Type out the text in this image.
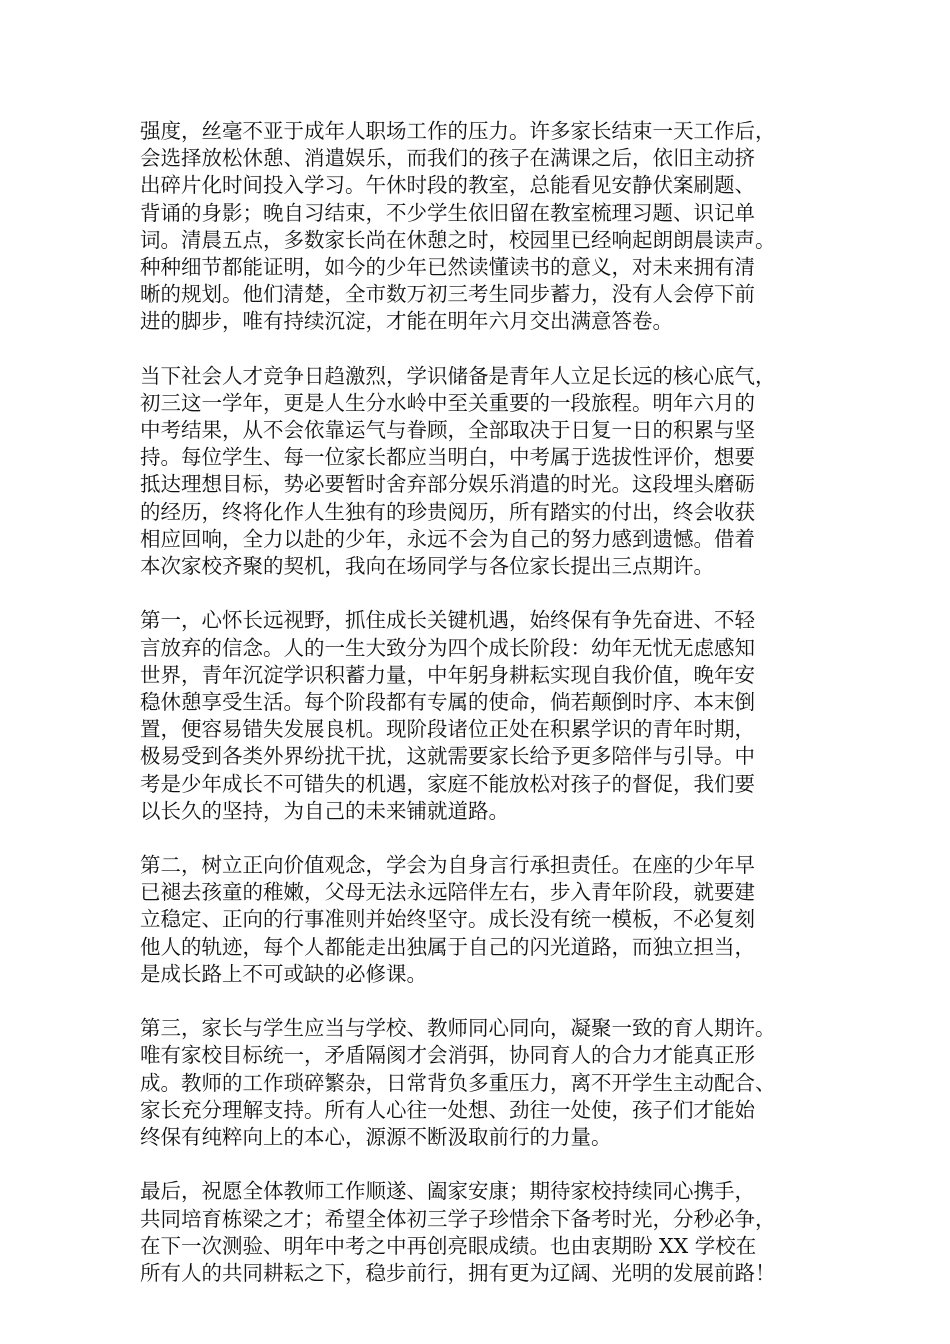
强度，丝毫不亚于成年人职场工作的压力。许多家长结束一天工作后，
会选择放松休憩、消遣娱乐，而我们的孩子在满课之后，依旧主动挤
出碎片化时间投入学习。午休时段的教室，总能看见安静伏案刷题、
背诵的身影；晚自习结束，不少学生依旧留在教室梳理习题、识记单
词。清晨五点，多数家长尚在休憩之时，校园里已经响起朗朗晨读声。
种种细节都能证明，如今的少年已然读懂读书的意义，对未来拥有清
晰的规划。他们清楚，全市数万初三考生同步蓄力，没有人会停下前
进的脚步，唯有持续沉淀，才能在明年六月交出满意答卷。
当下社会人才竞争日趋激烈，学识储备是青年人立足长远的核心底气，
初三这一学年，更是人生分水岭中至关重要的一段旅程。明年六月的
中考结果，从不会依靠运气与眷顾，全部取决于日复一日的积累与坚
持。每位学生、每一位家长都应当明白，中考属于选拔性评价，想要
抵达理想目标，势必要暂时舍弃部分娱乐消遣的时光。这段埋头磨砺
的经历，终将化作人生独有的珍贵阅历，所有踏实的付出，终会收获
相应回响，全力以赴的少年，永远不会为自己的努力感到遗憾。借着
本次家校齐聚的契机，我向在场同学与各位家长提出三点期许。
第一，心怀长远视野，抓住成长关键机遇，始终保有争先奋进、不轻
言放弃的信念。人的一生大致分为四个成长阶段：幼年无忧无虑感知
世界，青年沉淀学识积蓄力量，中年躬身耕耘实现自我价值，晚年安
稳休憩享受生活。每个阶段都有专属的使命，倘若颠倒时序、本末倒
置，便容易错失发展良机。现阶段诸位正处在积累学识的青年时期，
极易受到各类外界纷扰干扰，这就需要家长给予更多陪伴与引导。中
考是少年成长不可错失的机遇，家庭不能放松对孩子的督促，我们要
以长久的坚持，为自己的未来铺就道路。
第二，树立正向价值观念，学会为自身言行承担责任。在座的少年早
已褪去孩童的稚嫩，父母无法永远陪伴左右，步入青年阶段，就要建
立稳定、正向的行事准则并始终坚守。成长没有统一模板，不必复刻
他人的轨迹，每个人都能走出独属于自己的闪光道路，而独立担当，
是成长路上不可或缺的必修课。
第三，家长与学生应当与学校、教师同心同向，凝聚一致的育人期许。
唯有家校目标统一，矛盾隔阂才会消弭，协同育人的合力才能真正形
成。教师的工作琐碎繁杂，日常背负多重压力，离不开学生主动配合、
家长充分理解支持。所有人心往一处想、劲往一处使，孩子们才能始
终保有纯粹向上的本心，源源不断汲取前行的力量。
最后，祝愿全体教师工作顺遂、阖家安康；期待家校持续同心携手，
共同培育栋梁之才；希望全体初三学子珍惜余下备考时光，分秒必争，
在下一次测验、明年中考之中再创亮眼成绩。也由衷期盼 XX 学校在
所有人的共同耕耘之下，稳步前行，拥有更为辽阔、光明的发展前路！
